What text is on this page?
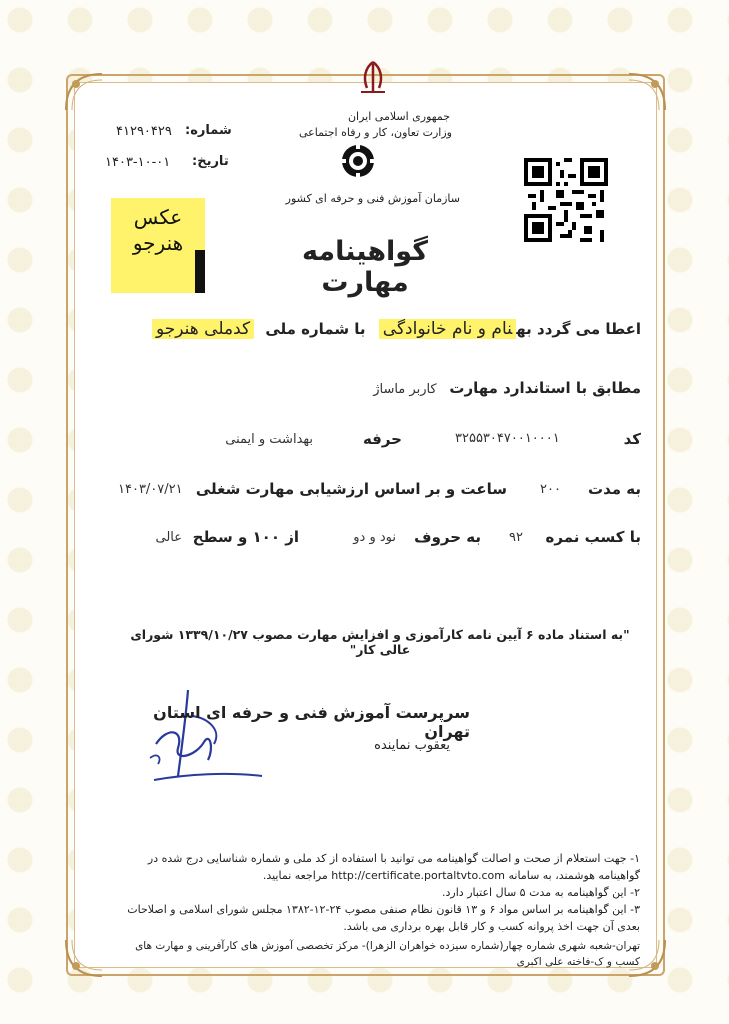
جمهوری اسلامی ایران
وزارت تعاون، کار و رفاه اجتماعی
سازمان آموزش فنی و حرفه ای کشور
شماره:
۴۱۲۹۰۴۲۹
تاریخ:
۱۴۰۳-۱۰-۰۱
عکس
هنرجو	گواهینامه مهارت
اعطا می گردد بهنام و نام خانوادگی با شماره ملی کدملی هنرجو
مطابق با استاندارد مهارت کاربر ماساژ
کد
۳۲۵۵۳۰۴۷۰۰۱۰۰۰۱
حرفه
بهداشت و ایمنی
به مدت
۲۰۰
ساعت و بر اساس ارزشیابی مهارت شغلی
۱۴۰۳/۰۷/۲۱
با کسب نمره
۹۲
به حروف
نود و دو
از ۱۰۰ و سطح
عالی
"به استناد ماده ۶ آیین نامه کارآموزی و افزایش مهارت مصوب ۱۳۳۹/۱۰/۲۷ شورای عالی کار"
سرپرست آموزش فنی و حرفه ای استان تهران
یعقوب نماینده

۱- جهت استعلام از صحت و اصالت گواهینامه می توانید با استفاده از کد ملی و شماره شناسایی درج شده در گواهینامه هوشمند، به سامانه http://certificate.portaltvto.com مراجعه نمایید.

۲- این گواهینامه به مدت ۵ سال اعتبار دارد.

۳- این گواهینامه بر اساس مواد ۶ و ۱۳ قانون نظام صنفی مصوب ۲۴-۱۲-۱۳۸۲ مجلس شورای اسلامی و اصلاحات بعدی آن جهت اخذ پروانه کسب و کار قابل بهره برداری می باشد.

تهران-شعبه شهری شماره چهار(شماره سیزده خواهران الزهرا)- مرکز تخصصی آموزش های کارآفرینی و مهارت های کسب و ک-فاخته علی اکبری
